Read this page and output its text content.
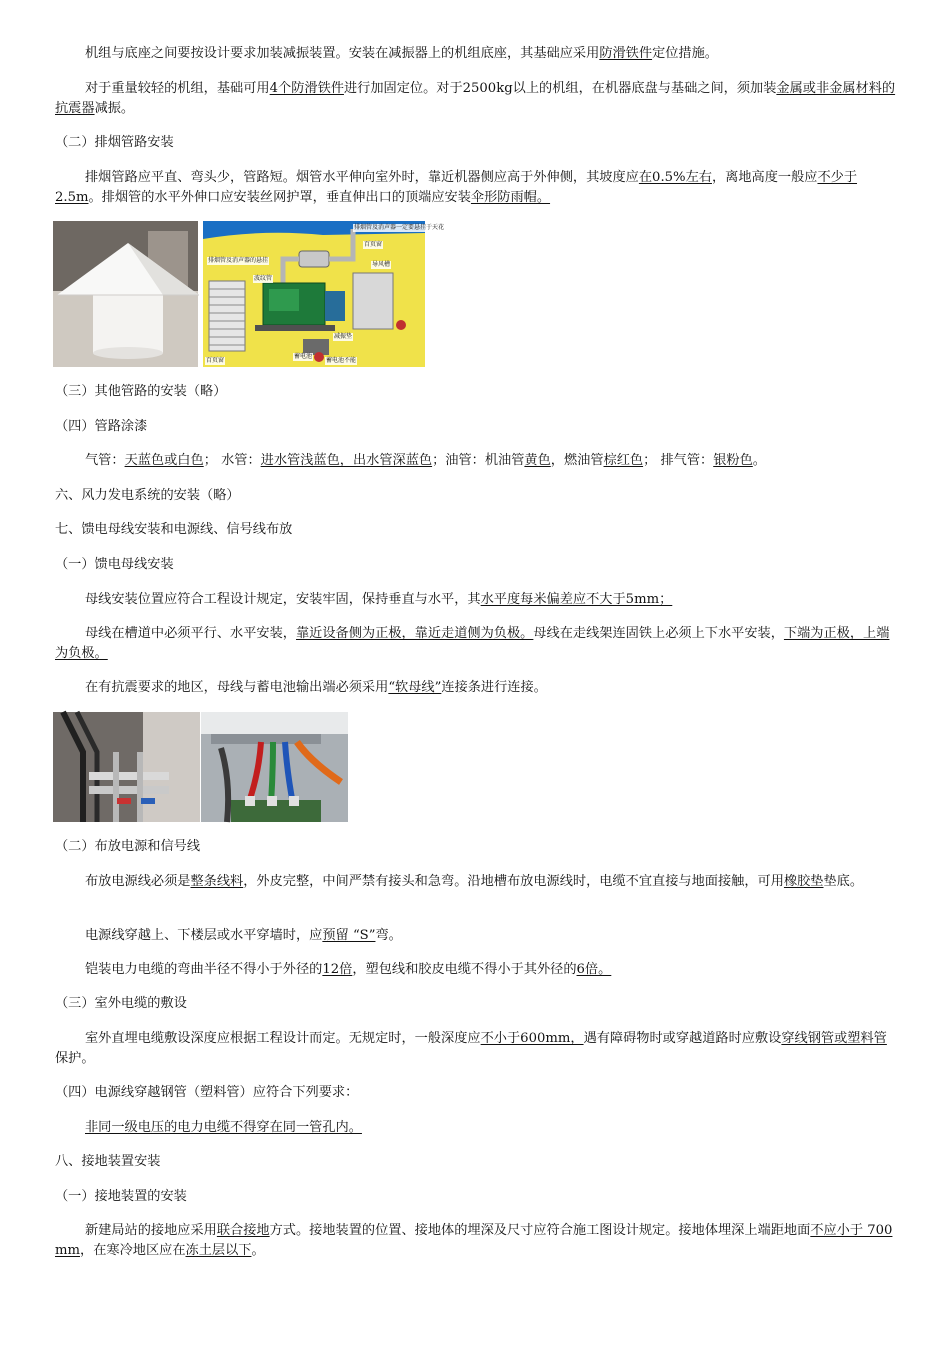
机组与底座之间要按设计要求加装减振装置。安装在减振器上的机组底座，其基础应采用防滑铁件定位措施。

对于重量较轻的机组，基础可用4个防滑铁件进行加固定位。对于2500kg以上的机组，在机器底盘与基础之间，须加装金属或非金属材料的抗震器减振。

（二）排烟管路安装

排烟管路应平直、弯头少，管路短。烟管水平伸向室外时，靠近机器侧应高于外伸侧，其坡度应在0.5%左右，离地高度一般应不少于2.5m。排烟管的水平外伸口应安装丝网护罩，垂直伸出口的顶端应安装伞形防雨帽。

排烟管及消声器一定要悬挂于天花
百页窗
排烟管及消声器的悬挂
导风槽
波纹管
减振垫
蓄电池
蓄电池不能
百页窗

（三）其他管路的安装（略）

（四）管路涂漆

气管：天蓝色或白色； 水管：进水管浅蓝色，出水管深蓝色；油管：机油管黄色，燃油管棕红色； 排气管：银粉色。

六、风力发电系统的安装（略）

七、馈电母线安装和电源线、信号线布放

（一）馈电母线安装

母线安装位置应符合工程设计规定，安装牢固，保持垂直与水平，其水平度每米偏差应不大于5mm；

母线在槽道中必须平行、水平安装，靠近设备侧为正极，靠近走道侧为负极。母线在走线架连固铁上必须上下水平安装，下端为正极，上端为负极。

在有抗震要求的地区，母线与蓄电池输出端必须采用“软母线”连接条进行连接。

（二）布放电源和信号线

布放电源线必须是整条线料，外皮完整，中间严禁有接头和急弯。沿地槽布放电源线时，电缆不宜直接与地面接触，可用橡胶垫垫底。

电源线穿越上、下楼层或水平穿墙时，应预留 “S”弯。

铠装电力电缆的弯曲半径不得小于外径的12倍，塑包线和胶皮电缆不得小于其外径的6倍。

（三）室外电缆的敷设

室外直埋电缆敷设深度应根据工程设计而定。无规定时，一般深度应不小于600mm，遇有障碍物时或穿越道路时应敷设穿线钢管或塑料管保护。

（四）电源线穿越钢管（塑料管）应符合下列要求：

非同一级电压的电力电缆不得穿在同一管孔内。

八、接地装置安装

（一）接地装置的安装

新建局站的接地应采用联合接地方式。接地装置的位置、接地体的埋深及尺寸应符合施工图设计规定。接地体埋深上端距地面不应小于 700 mm，在寒冷地区应在冻土层以下。
